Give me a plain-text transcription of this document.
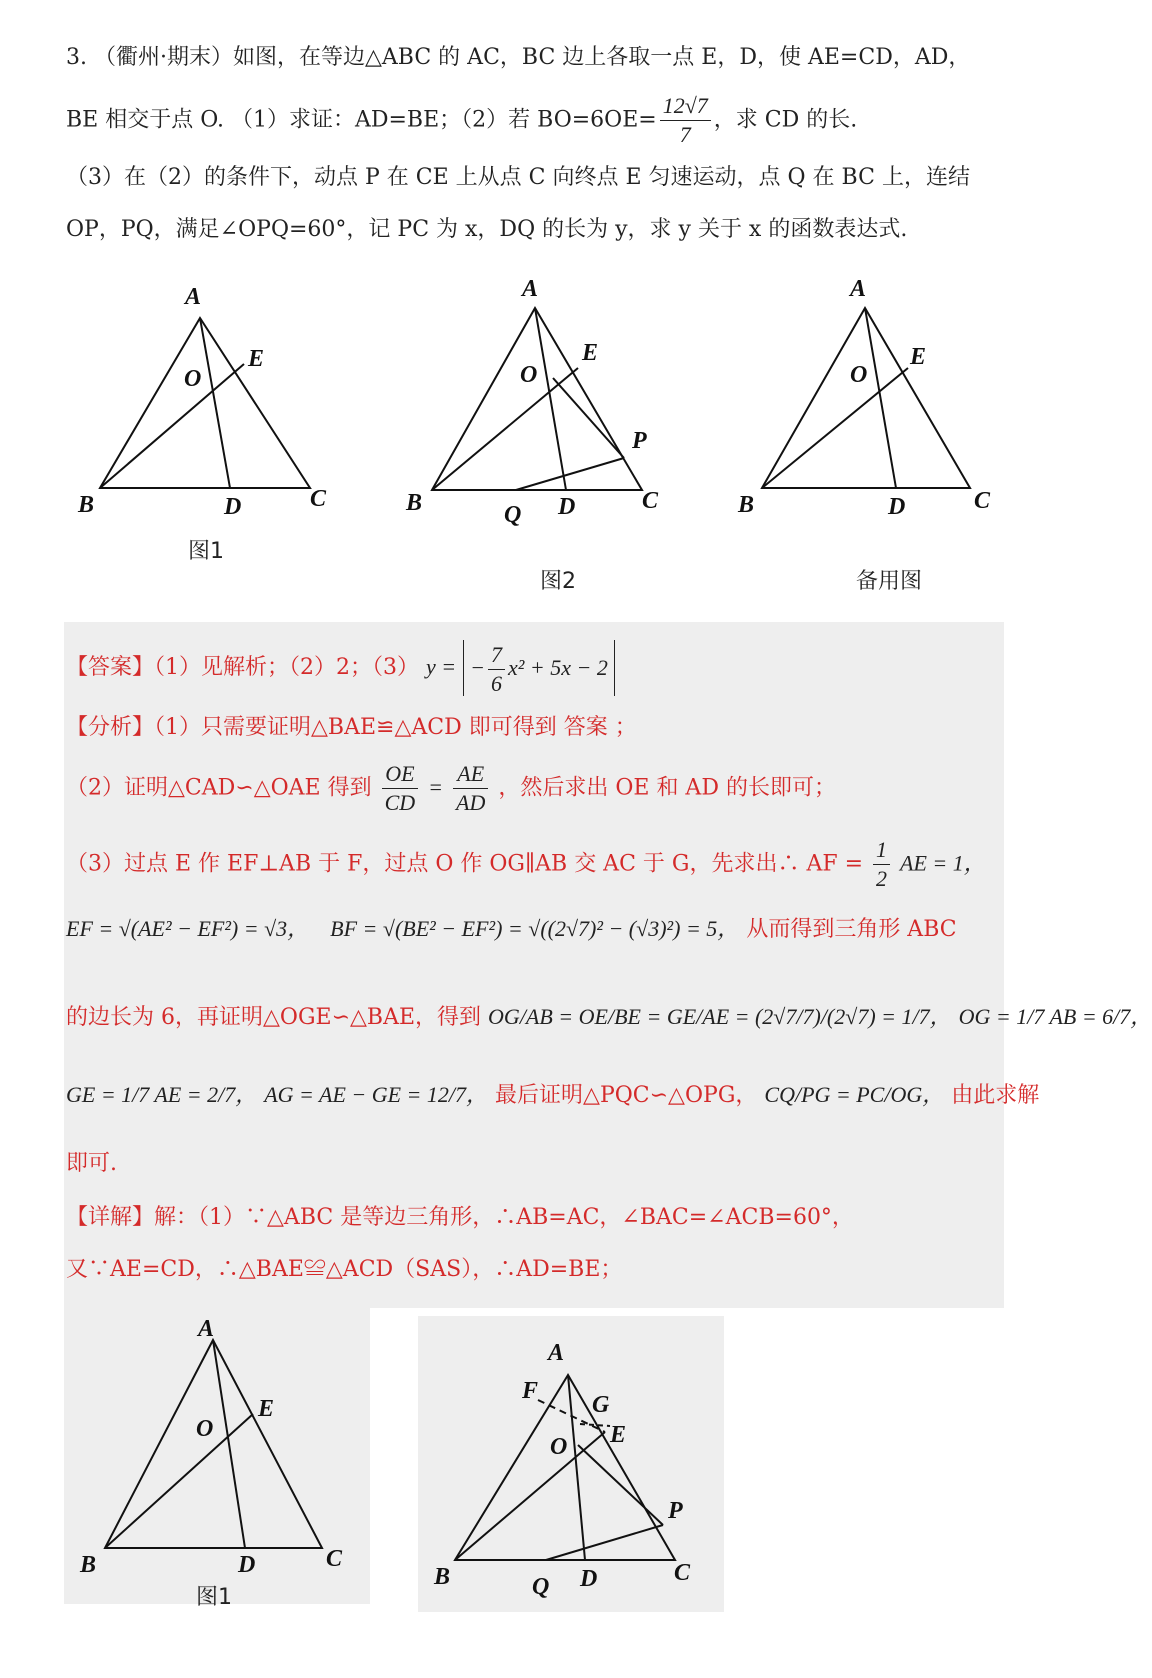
3. （衢州·期末）如图，在等边△ABC 的 AC，BC 边上各取一点 E，D，使 AE=CD，AD，
BE 相交于点 O. （1）求证：AD=BE；（2）若 $BO=6OE= \frac{12√7}{7}$ ，求 CD 的长.
（3）在（2）的条件下，动点 P 在 CE 上从点 C 向终点 E 匀速运动，点 Q 在 BC 上，连结
OP，PQ，满足∠OPQ=60°，记 PC 为 x，DQ 的长为 y，求 y 关于 x 的函数表达式.
A
E
O
B	D	C
图1
A
E
O
P
B	Q D	C
图2
A
E
O
B	D	C
备用图
【答案】（1）见解析；（2）2；（3） y = − $\frac{7}{6} x^2 + 5x - 2$
【分析】（1）只需要证明△BAE≌△ACD 即可得到 答案 ；
（2）证明△CAD∽△OAE 得到 $\frac{OE}{CD} = \frac{AE}{AD}$ ，然后求出 OE 和 AD 的长即可；
（3）过点 E 作 EF⊥AB 于 F，过点 O 作 OG∥AB 交 AC 于 G，先求出∴ AF = $\frac{1}{2}$ AE = 1，
EF = √(AE² − EF²) = √3， BF = √(BE² − EF²) = √((2√7)² − (√3)²) = 5， 从而得到三角形 ABC
的边长为 6，再证明△OGE∽△BAE，得到 OG/AB = OE/BE = GE/AE = (2√7/7)/(2√7) = 1/7， OG = 1/7 AB = 6/7，
GE = 1/7 AE = 2/7， AG = AE − GE = 12/7， 最后证明△PQC∽△OPG， CQ/PG = PC/OG， 由此求解
即可.
【详解】解：（1）∵△ABC 是等边三角形，∴AB=AC，∠BAC=∠ACB=60°，
又∵AE=CD，∴△BAE≌△ACD（SAS），∴AD=BE；
A
E
O
B	D	C
图1
A
F
G
E
O
P
B	Q D	C
